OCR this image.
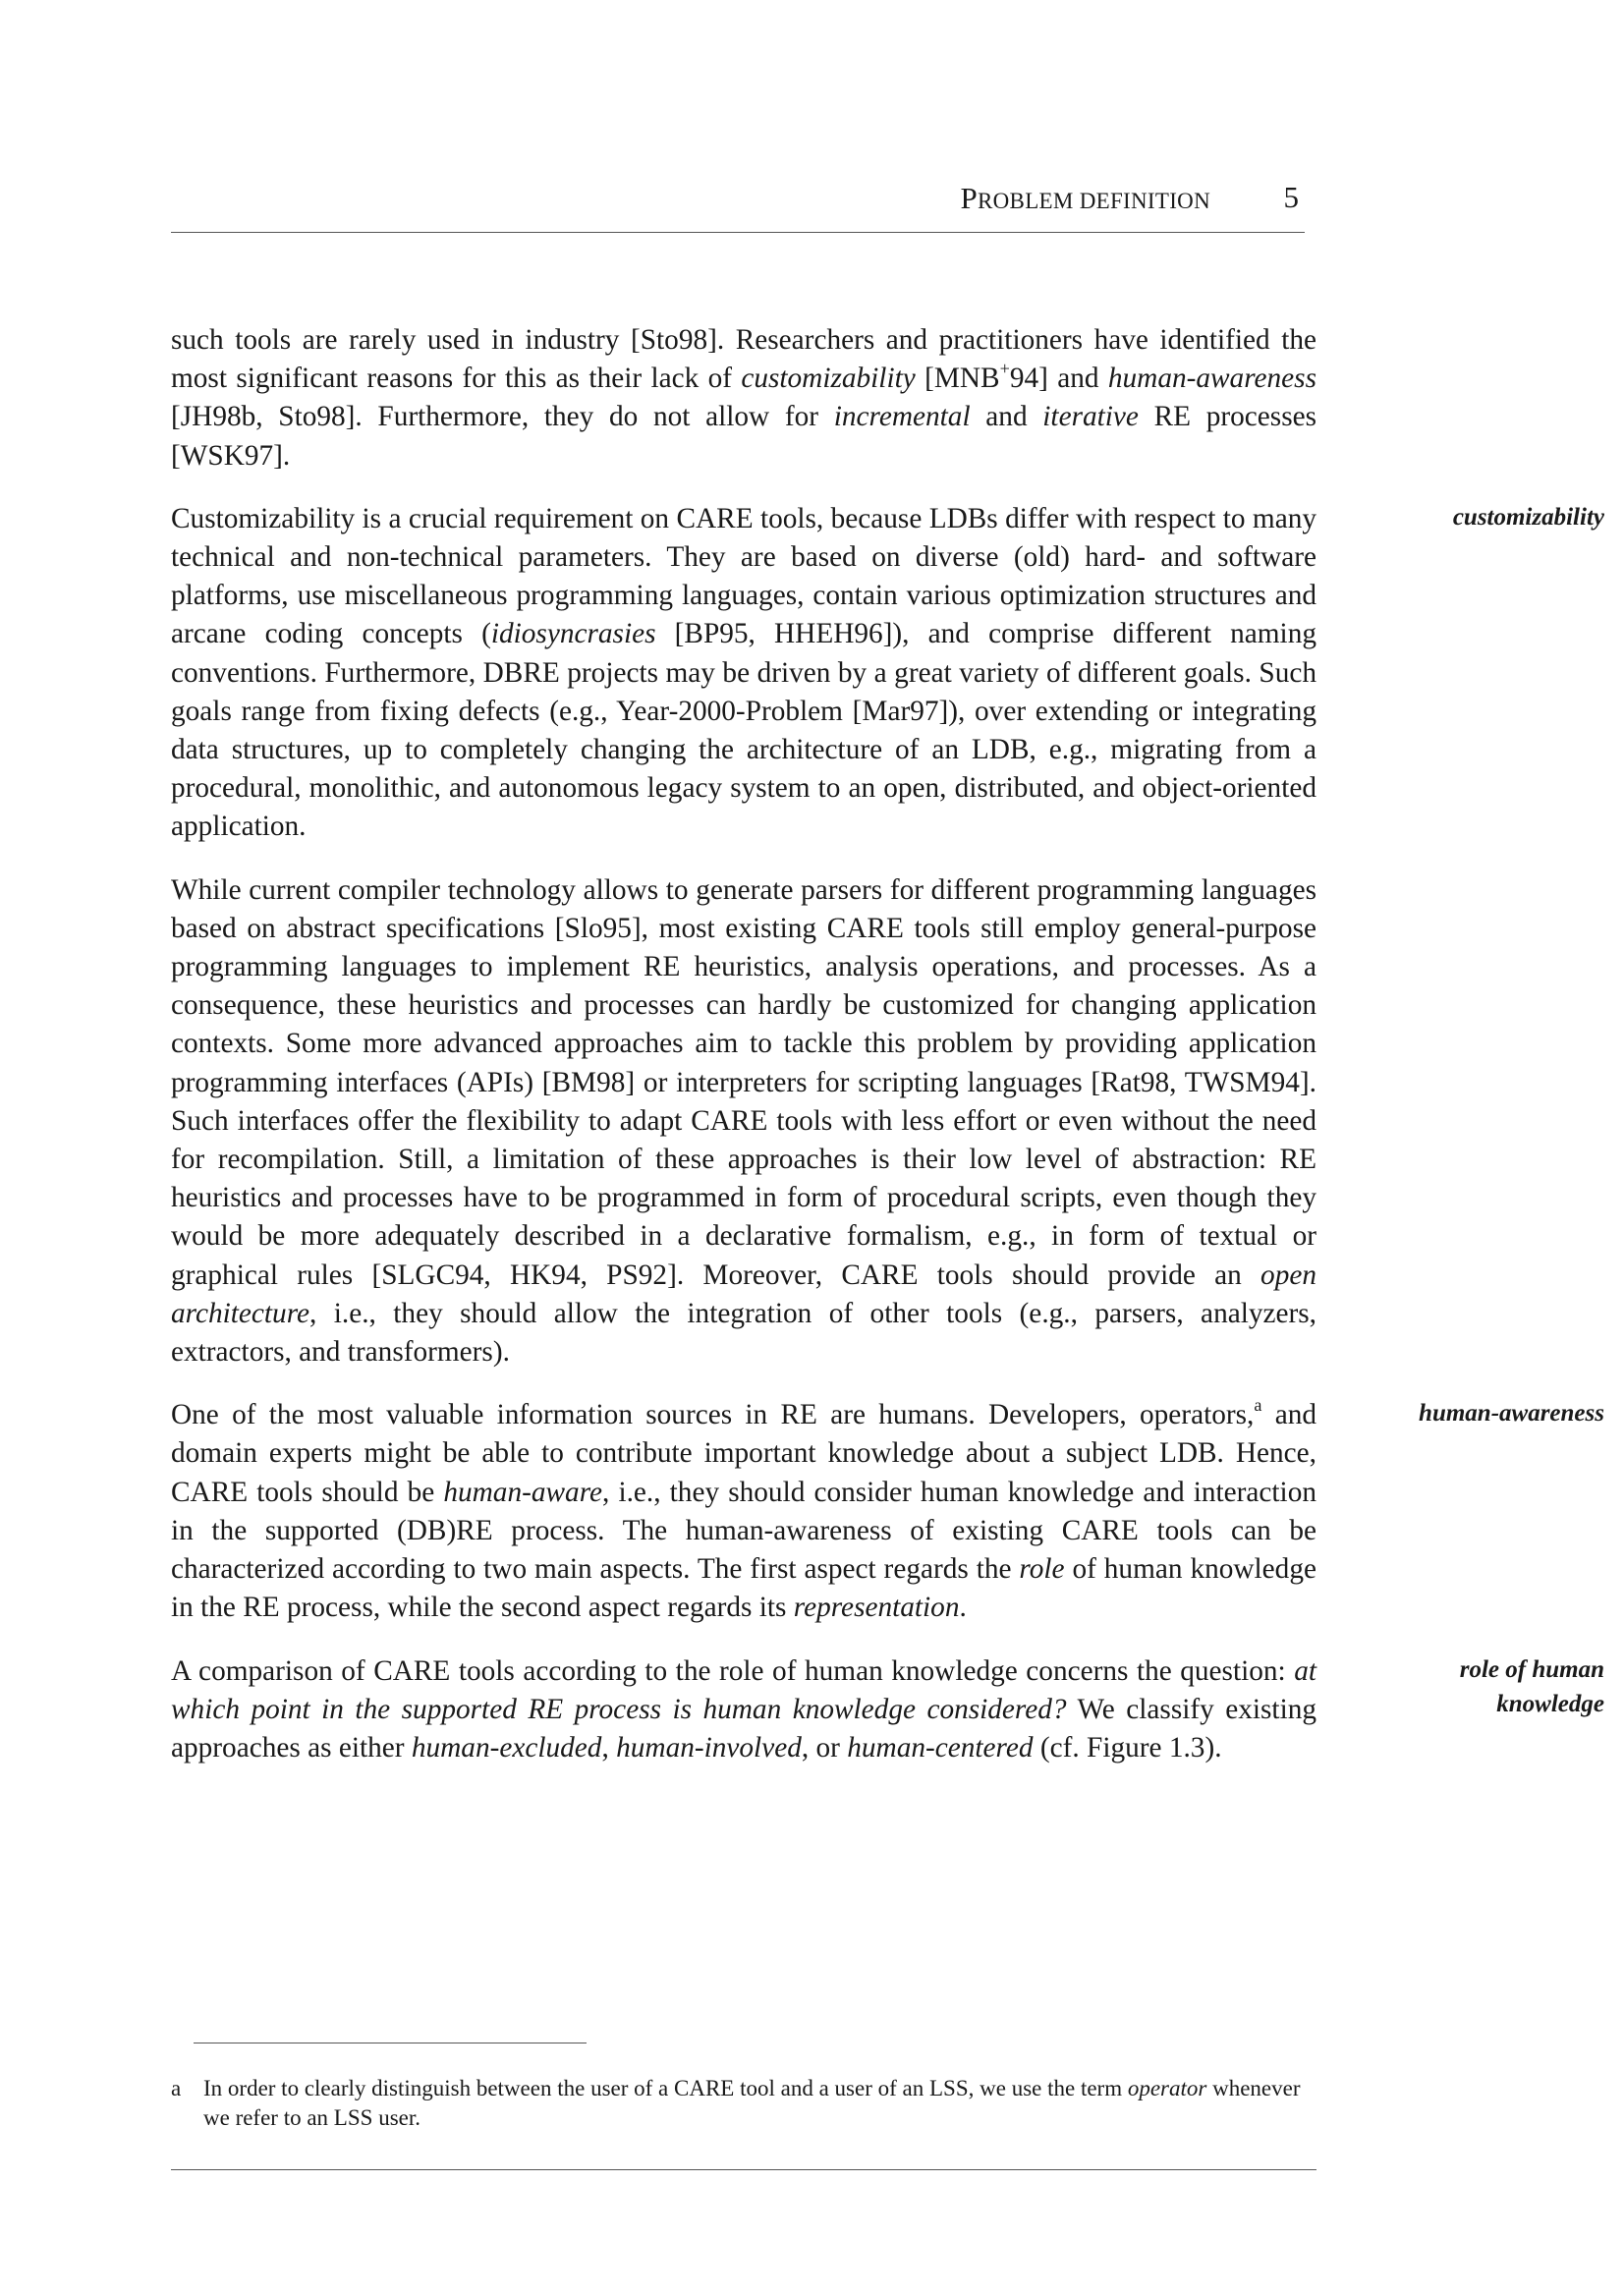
PROBLEM DEFINITION 5

such tools are rarely used in industry [Sto98]. Researchers and practitioners have identified the most significant reasons for this as their lack of customizability [MNB+94] and human-awareness [JH98b, Sto98]. Furthermore, they do not allow for incremental and iterative RE processes [WSK97].

customizability
Customizability is a crucial requirement on CARE tools, because LDBs differ with respect to many technical and non-technical parameters. They are based on diverse (old) hard- and software platforms, use miscellaneous programming languages, contain various optimization structures and arcane coding concepts (idiosyncrasies [BP95, HHEH96]), and comprise different naming conventions. Furthermore, DBRE projects may be driven by a great variety of different goals. Such goals range from fixing defects (e.g., Year-2000-Problem [Mar97]), over extending or integrating data structures, up to completely changing the architecture of an LDB, e.g., migrating from a procedural, monolithic, and autonomous legacy system to an open, distributed, and object-oriented application.

While current compiler technology allows to generate parsers for different programming languages based on abstract specifications [Slo95], most existing CARE tools still employ general-purpose programming languages to implement RE heuristics, analysis operations, and processes. As a consequence, these heuristics and processes can hardly be customized for changing application contexts. Some more advanced approaches aim to tackle this problem by providing application programming interfaces (APIs) [BM98] or interpreters for scripting languages [Rat98, TWSM94]. Such interfaces offer the flexibility to adapt CARE tools with less effort or even without the need for recompilation. Still, a limitation of these approaches is their low level of abstraction: RE heuristics and processes have to be programmed in form of procedural scripts, even though they would be more adequately described in a declarative formalism, e.g., in form of textual or graphical rules [SLGC94, HK94, PS92]. Moreover, CARE tools should provide an open architecture, i.e., they should allow the integration of other tools (e.g., parsers, analyzers, extractors, and transformers).

human-awareness
One of the most valuable information sources in RE are humans. Developers, operators,$^a$ and domain experts might be able to contribute important knowledge about a subject LDB. Hence, CARE tools should be human-aware, i.e., they should consider human knowledge and interaction in the supported (DB)RE process. The human-awareness of existing CARE tools can be characterized according to two main aspects. The first aspect regards the role of human knowledge in the RE process, while the second aspect regards its representation.

role of human
knowledge
A comparison of CARE tools according to the role of human knowledge concerns the question: at which point in the supported RE process is human knowledge considered? We classify existing approaches as either human-excluded, human-involved, or human-centered (cf. Figure 1.3).

a In order to clearly distinguish between the user of a CARE tool and a user of an LSS, we use the term operator whenever we refer to an LSS user.
